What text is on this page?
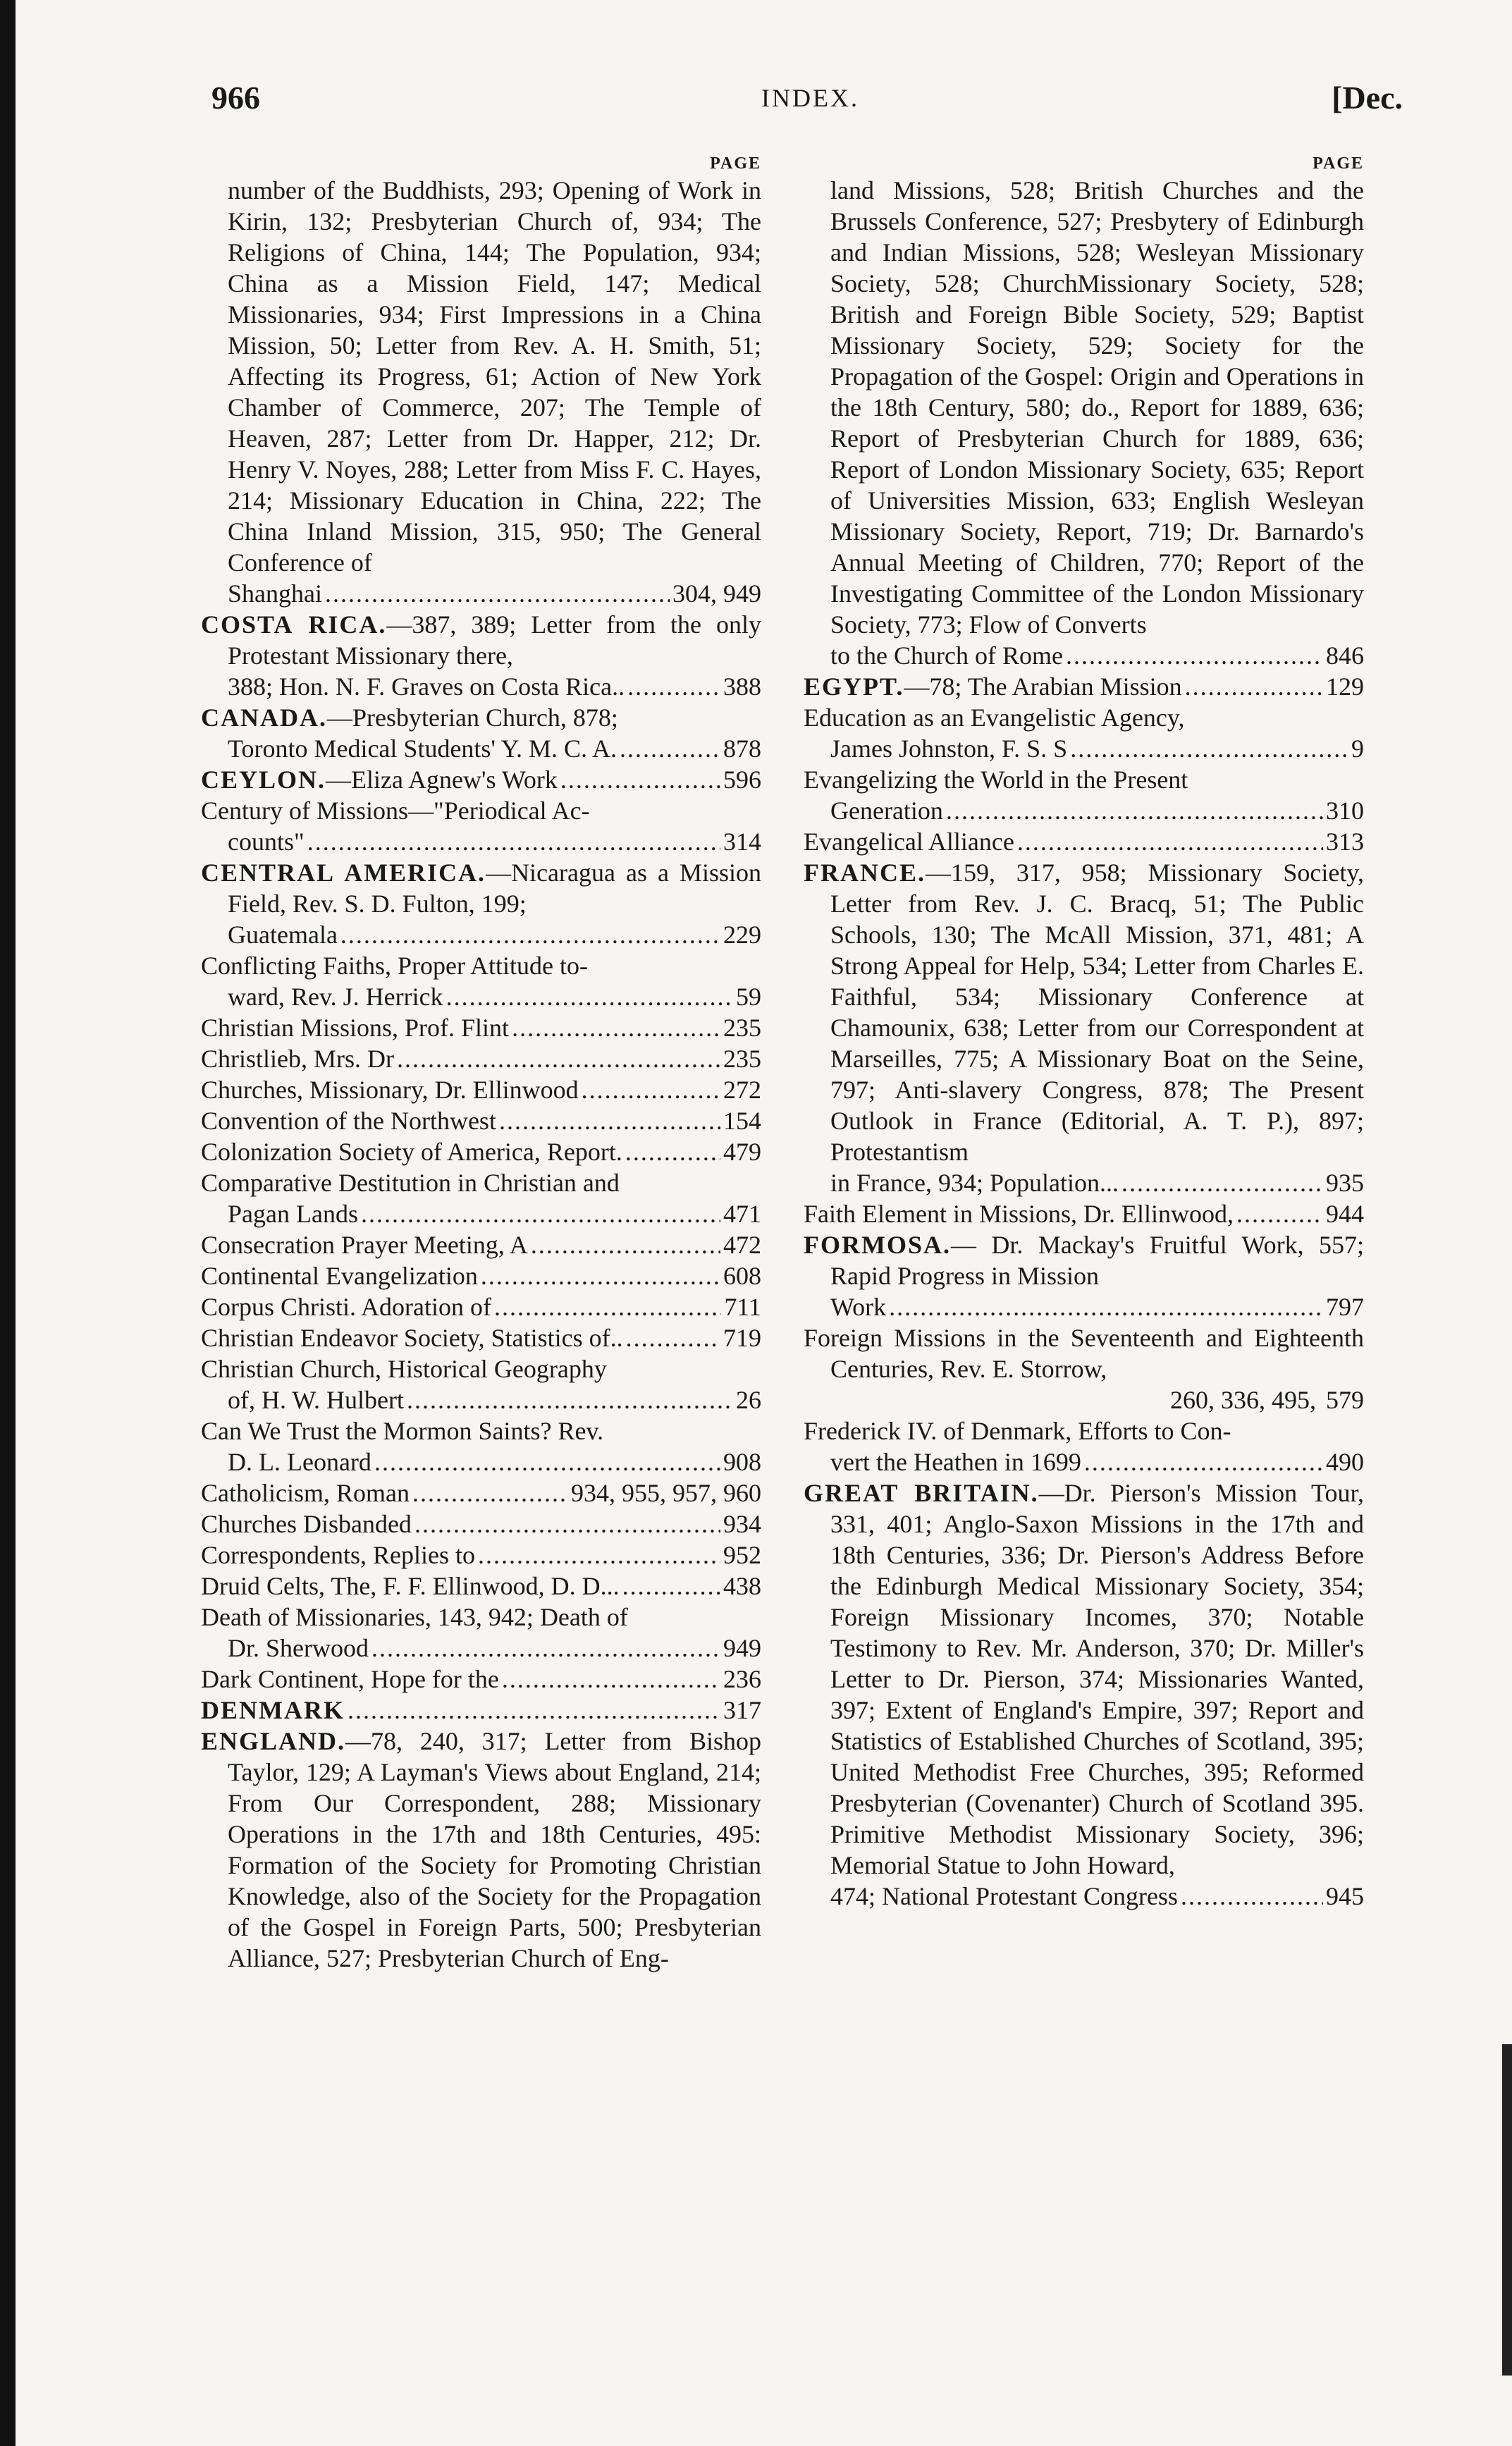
966	INDEX.	[Dec.
PAGE

number of the Buddhists, 293; Opening of Work in Kirin, 132; Presbyterian Church of, 934; The Religions of China, 144; The Population, 934; China as a Mission Field, 147; Medical Missionaries, 934; First Impressions in a China Mission, 50; Letter from Rev. A. H. Smith, 51; Affecting its Progress, 61; Action of New York Chamber of Commerce, 207; The Temple of Heaven, 287; Letter from Dr. Happer, 212; Dr. Henry V. Noyes, 288; Letter from Miss F. C. Hayes, 214; Missionary Education in China, 222; The China Inland Mission, 315, 950; The General Conference of

Shanghai .....	304, 949

COSTA RICA.—387, 389; Letter from the only Protestant Missionary there,

388; Hon. N. F. Graves on Costa Rica.. .....	388

CANADA.—Presbyterian Church, 878;

Toronto Medical Students' Y. M. C. A. .....	878
CEYLON.—Eliza Agnew's Work .....	596

Century of Missions—"Periodical Ac-

counts" .....	314

CENTRAL AMERICA.—Nicaragua as a Mission Field, Rev. S. D. Fulton, 199;

Guatemala .....	229

Conflicting Faiths, Proper Attitude to-

ward, Rev. J. Herrick .....	59
Christian Missions, Prof. Flint .....	235
Christlieb, Mrs. Dr .....	235
Churches, Missionary, Dr. Ellinwood .....	272
Convention of the Northwest .....	154
Colonization Society of America, Report. .....	479

Comparative Destitution in Christian and

Pagan Lands .....	471
Consecration Prayer Meeting, A .....	472
Continental Evangelization .....	608
Corpus Christi. Adoration of .....	711
Christian Endeavor Society, Statistics of.. .....	719

Christian Church, Historical Geography

of, H. W. Hulbert .....	26

Can We Trust the Mormon Saints? Rev.

D. L. Leonard .....	908
Catholicism, Roman .....	934, 955, 957, 960
Churches Disbanded .....	934
Correspondents, Replies to .....	952
Druid Celts, The, F. F. Ellinwood, D. D... .....	438

Death of Missionaries, 143, 942; Death of

Dr. Sherwood .....	949
Dark Continent, Hope for the .....	236
DENMARK .....	317

ENGLAND.—78, 240, 317; Letter from Bishop Taylor, 129; A Layman's Views about England, 214; From Our Correspondent, 288; Missionary Operations in the 17th and 18th Centuries, 495: Formation of the Society for Promoting Christian Knowledge, also of the Society for the Propagation of the Gospel in Foreign Parts, 500; Presbyterian Alliance, 527; Presbyterian Church of Eng-

PAGE

land Missions, 528; British Churches and the Brussels Conference, 527; Presbytery of Edinburgh and Indian Missions, 528; Wesleyan Missionary Society, 528; ChurchMissionary Society, 528; British and Foreign Bible Society, 529; Baptist Missionary Society, 529; Society for the Propagation of the Gospel: Origin and Operations in the 18th Century, 580; do., Report for 1889, 636; Report of Presbyterian Church for 1889, 636; Report of London Missionary Society, 635; Report of Universities Mission, 633; English Wesleyan Missionary Society, Report, 719; Dr. Barnardo's Annual Meeting of Children, 770; Report of the Investigating Committee of the London Missionary Society, 773; Flow of Converts

to the Church of Rome .....	846
EGYPT.—78; The Arabian Mission .....	129

Education as an Evangelistic Agency,

James Johnston, F. S. S .....	9

Evangelizing the World in the Present

Generation .....	310
Evangelical Alliance .....	313

FRANCE.—159, 317, 958; Missionary Society, Letter from Rev. J. C. Bracq, 51; The Public Schools, 130; The McAll Mission, 371, 481; A Strong Appeal for Help, 534; Letter from Charles E. Faithful, 534; Missionary Conference at Chamounix, 638; Letter from our Correspondent at Marseilles, 775; A Missionary Boat on the Seine, 797; Anti-slavery Congress, 878; The Present Outlook in France (Editorial, A. T. P.), 897; Protestantism

in France, 934; Population... .....	935
Faith Element in Missions, Dr. Ellinwood, .....	944

FORMOSA.— Dr. Mackay's Fruitful Work, 557; Rapid Progress in Mission

Work .....	797

Foreign Missions in the Seventeenth and Eighteenth Centuries, Rev. E. Storrow,

260, 336, 495, 579

Frederick IV. of Denmark, Efforts to Con-

vert the Heathen in 1699 .....	490

GREAT BRITAIN.—Dr. Pierson's Mission Tour, 331, 401; Anglo-Saxon Missions in the 17th and 18th Centuries, 336; Dr. Pierson's Address Before the Edinburgh Medical Missionary Society, 354; Foreign Missionary Incomes, 370; Notable Testimony to Rev. Mr. Anderson, 370; Dr. Miller's Letter to Dr. Pierson, 374; Missionaries Wanted, 397; Extent of England's Empire, 397; Report and Statistics of Established Churches of Scotland, 395; United Methodist Free Churches, 395; Reformed Presbyterian (Covenanter) Church of Scotland 395. Primitive Methodist Missionary Society, 396; Memorial Statue to John Howard,

474; National Protestant Congress .....	945
